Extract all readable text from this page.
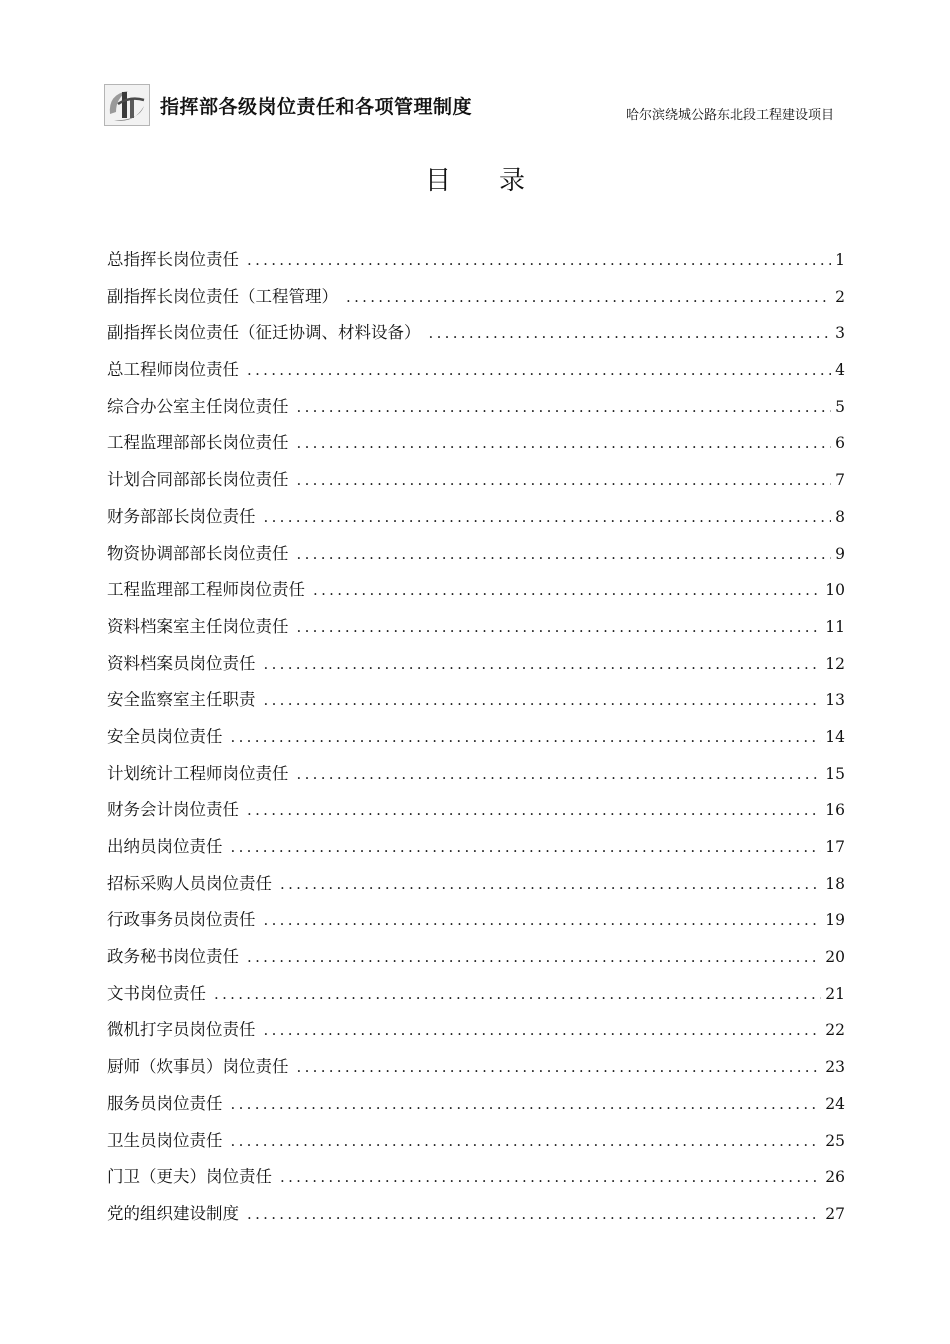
指挥部各级岗位责任和各项管理制度	哈尔滨绕城公路东北段工程建设项目
目录
总指挥长岗位责任 .....	1
副指挥长岗位责任（工程管理） .....	2
副指挥长岗位责任（征迁协调、材料设备） .....	3
总工程师岗位责任 .....	4
综合办公室主任岗位责任 .....	5
工程监理部部长岗位责任 .....	6
计划合同部部长岗位责任 .....	7
财务部部长岗位责任 .....	8
物资协调部部长岗位责任 .....	9
工程监理部工程师岗位责任 .....	10
资料档案室主任岗位责任 .....	11
资料档案员岗位责任 .....	12
安全监察室主任职责 .....	13
安全员岗位责任 .....	14
计划统计工程师岗位责任 .....	15
财务会计岗位责任 .....	16
出纳员岗位责任 .....	17
招标采购人员岗位责任 .....	18
行政事务员岗位责任 .....	19
政务秘书岗位责任 .....	20
文书岗位责任 .....	21
微机打字员岗位责任 .....	22
厨师（炊事员）岗位责任 .....	23
服务员岗位责任 .....	24
卫生员岗位责任 .....	25
门卫（更夫）岗位责任 .....	26
党的组织建设制度 .....	27
